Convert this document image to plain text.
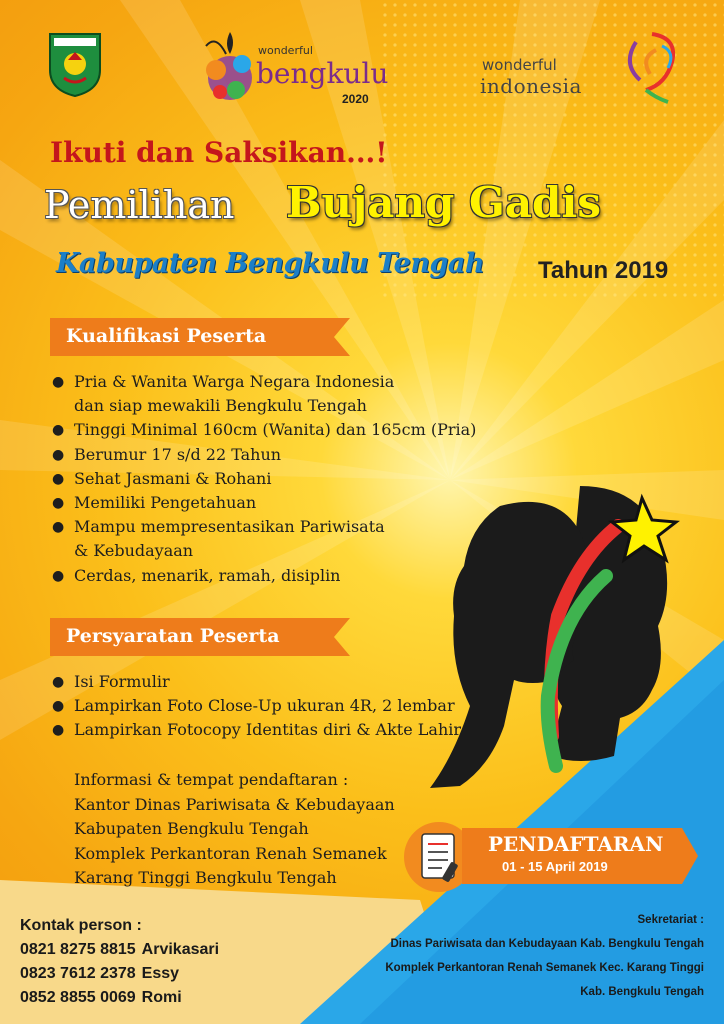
wonderful
bengkulu
2020
wonderful
indonesia
Ikuti dan Saksikan...!
Pemilihan Bujang Gadis
Kabupaten Bengkulu Tengah Tahun 2019
Kualifikasi Peserta
● Pria & Wanita Warga Negara Indonesia
dan siap mewakili Bengkulu Tengah
● Tinggi Minimal 160cm (Wanita) dan 165cm (Pria)
● Berumur 17 s/d 22 Tahun
● Sehat Jasmani & Rohani
● Memiliki Pengetahuan
● Mampu mempresentasikan Pariwisata
& Kebudayaan
● Cerdas, menarik, ramah, disiplin
Persyaratan Peserta
● Isi Formulir
● Lampirkan Foto Close-Up ukuran 4R, 2 lembar
● Lampirkan Fotocopy Identitas diri & Akte Lahir
Informasi & tempat pendaftaran :
Kantor Dinas Pariwisata & Kebudayaan
Kabupaten Bengkulu Tengah
Komplek Perkantoran Renah Semanek
Karang Tinggi Bengkulu Tengah
PENDAFTARAN
01 - 15 April 2019
Kontak person :
0821 8275 8815 Arvikasari
0823 7612 2378 Essy
0852 8855 0069 Romi
Sekretariat :
Dinas Pariwisata dan Kebudayaan Kab. Bengkulu Tengah
Komplek Perkantoran Renah Semanek Kec. Karang Tinggi
Kab. Bengkulu Tengah
